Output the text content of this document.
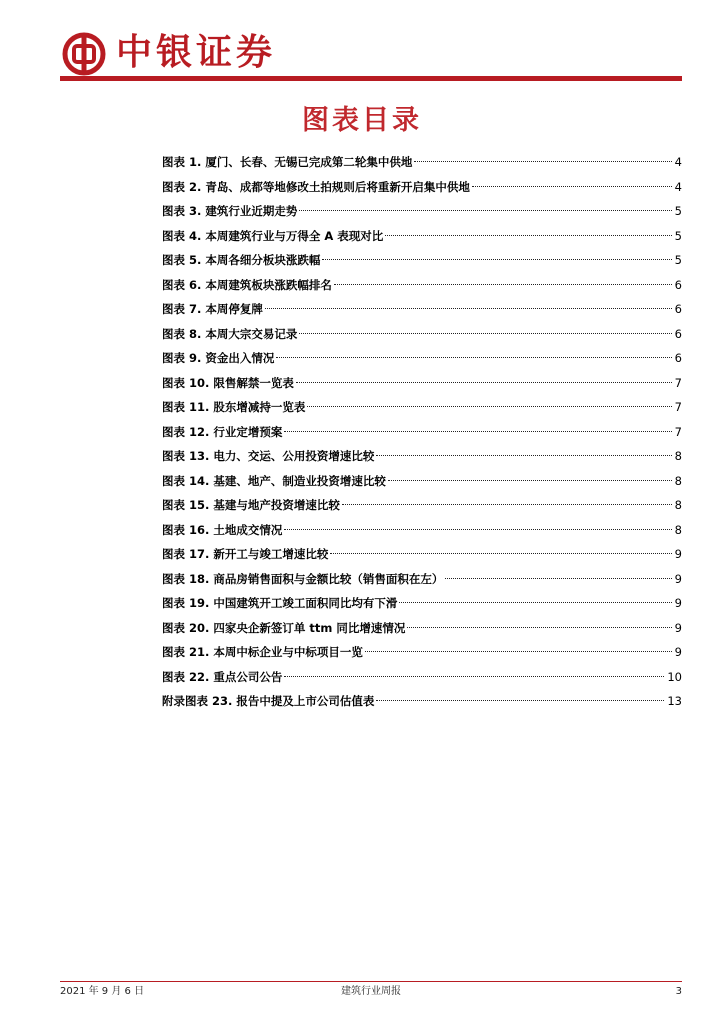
中银证券
图表目录
图表 1. 厦门、长春、无锡已完成第二轮集中供地	4
图表 2. 青岛、成都等地修改土拍规则后将重新开启集中供地	4
图表 3. 建筑行业近期走势	5
图表 4. 本周建筑行业与万得全 A 表现对比	5
图表 5. 本周各细分板块涨跌幅	5
图表 6. 本周建筑板块涨跌幅排名	6
图表 7. 本周停复牌	6
图表 8. 本周大宗交易记录	6
图表 9. 资金出入情况	6
图表 10. 限售解禁一览表	7
图表 11. 股东增减持一览表	7
图表 12. 行业定增预案	7
图表 13. 电力、交运、公用投资增速比较	8
图表 14. 基建、地产、制造业投资增速比较	8
图表 15. 基建与地产投资增速比较	8
图表 16. 土地成交情况	8
图表 17. 新开工与竣工增速比较	9
图表 18. 商品房销售面积与金额比较（销售面积在左）	9
图表 19. 中国建筑开工竣工面积同比均有下滑	9
图表 20. 四家央企新签订单 ttm 同比增速情况	9
图表 21. 本周中标企业与中标项目一览	9
图表 22. 重点公司公告	10
附录图表 23. 报告中提及上市公司估值表	13
2021 年 9 月 6 日	建筑行业周报	3
